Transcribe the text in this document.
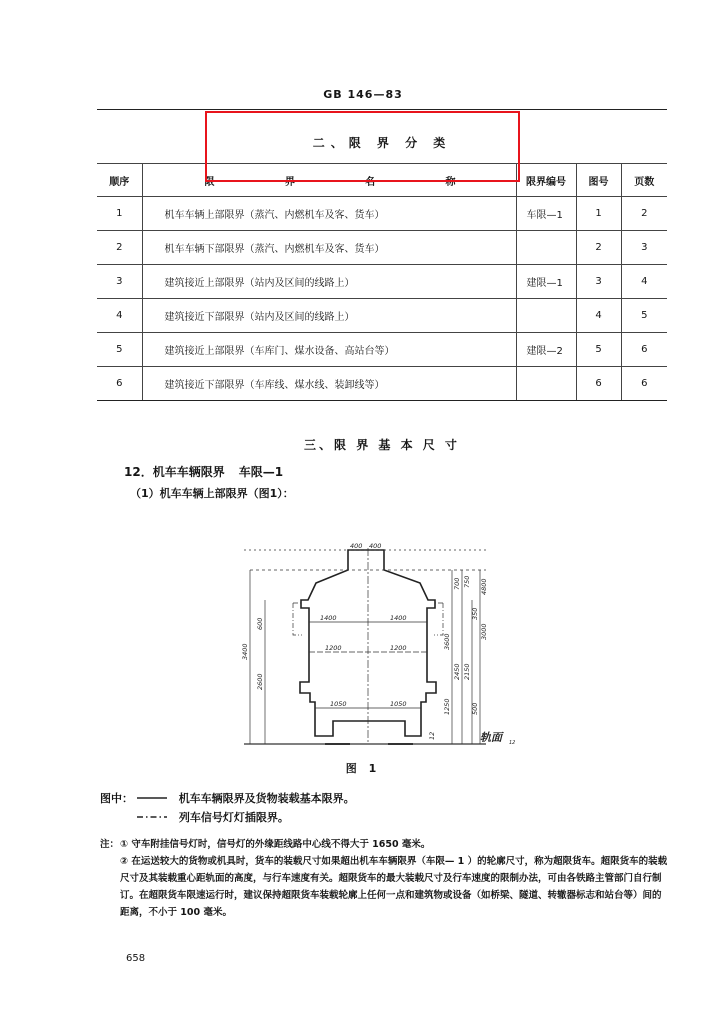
GB 146—83
二、限 界 分 类
顺序	限 界 名 称	限界编号	图号	页数
1	机车车辆上部限界（蒸汽、内燃机车及客、货车）	车限—1	1	2
2	机车车辆下部限界（蒸汽、内燃机车及客、货车）		2	3
3	建筑接近上部限界（站内及区间的线路上）	建限—1	3	4
4	建筑接近下部限界（站内及区间的线路上）		4	5
5	建筑接近上部限界（车库门、煤水设备、高站台等）	建限—2	5	6
6	建筑接近下部限界（车库线、煤水线、装卸线等）		6	6
三、限 界 基 本 尺 寸
12．机车车辆限界 车限—1
（1）机车车辆上部限界（图1）：
400 400
1400	1400
1200	1200
1050	1050
3400
600
2600
700 750
2450 2150
3600
1250
350
500
3000
4800
12	轨面	12
图 1
图中：	机车车辆限界及货物装载基本限界。
列车信号灯灯插限界。
注： ① 守车附挂信号灯时，信号灯的外缘距线路中心线不得大于 1650 毫米。

② 在运送较大的货物或机具时，货车的装载尺寸如果超出机车车辆限界（车限— 1 ）的轮廓尺寸，称为超限货车。超限货车的装载尺寸及其装载重心距轨面的高度，与行车速度有关。超限货车的最大装载尺寸及行车速度的限制办法，可由各铁路主管部门自行制订。在超限货车限速运行时，建议保持超限货车装载轮廓上任何一点和建筑物或设备（如桥梁、隧道、转辙器标志和站台等）间的距离，不小于 100 毫米。

658
